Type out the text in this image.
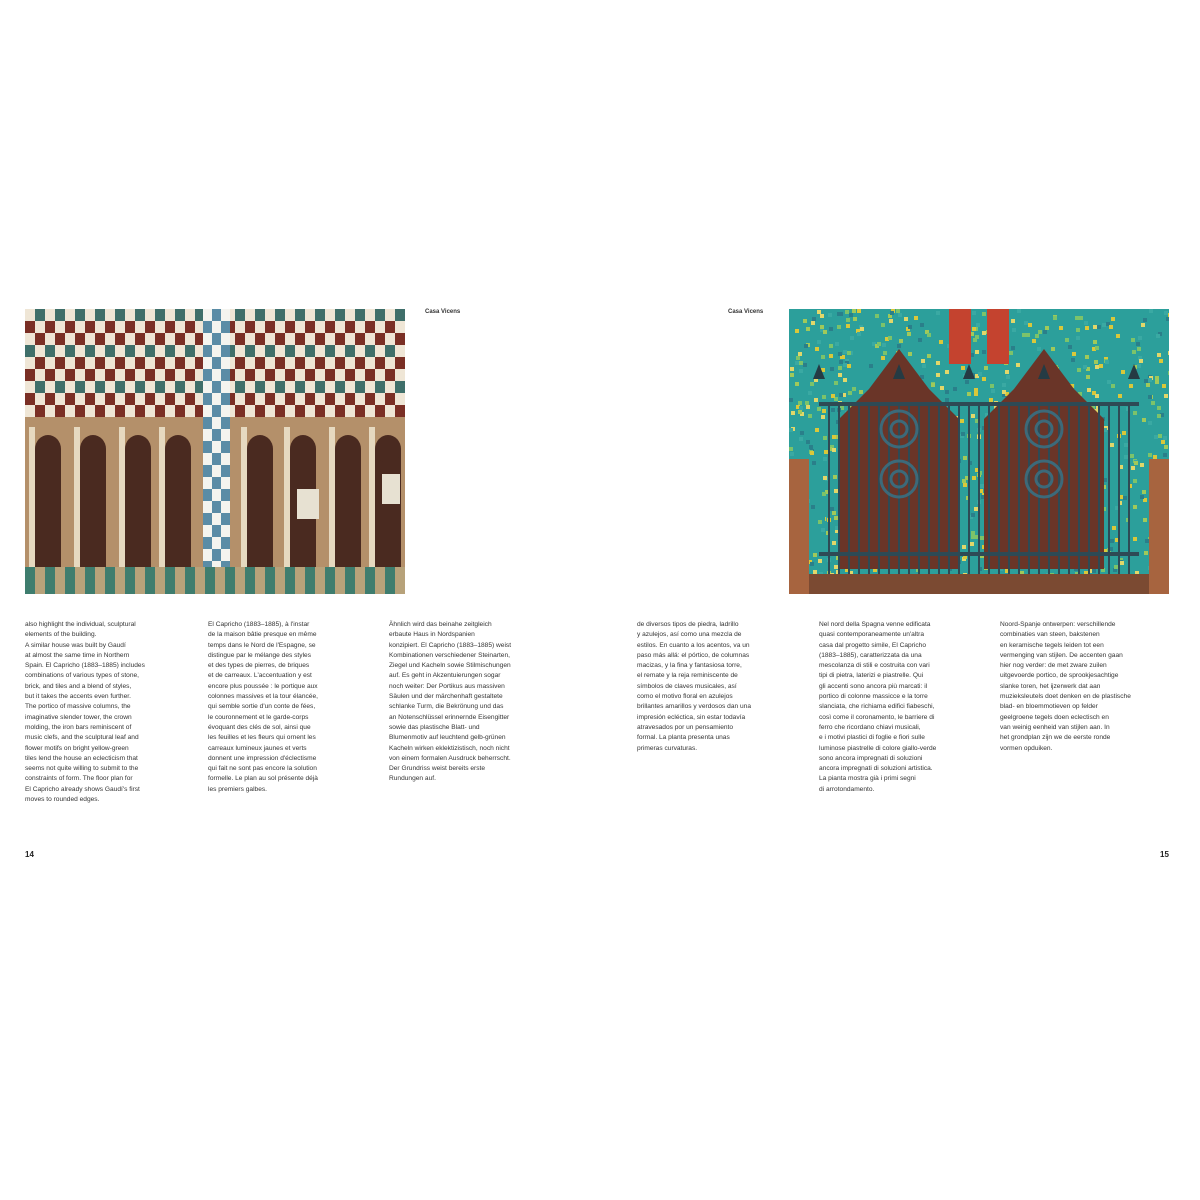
Casa Vicens

also highlight the individual, sculptural
elements of the building.
A similar house was built by Gaudí
at almost the same time in Northern
Spain. El Capricho (1883–1885) includes
combinations of various types of stone,
brick, and tiles and a blend of styles,
but it takes the accents even further.
The portico of massive columns, the
imaginative slender tower, the crown
molding, the iron bars reminiscent of
music clefs, and the sculptural leaf and
flower motifs on bright yellow-green
tiles lend the house an eclecticism that
seems not quite willing to submit to the
constraints of form. The floor plan for
El Capricho already shows Gaudí's first
moves to rounded edges.

El Capricho (1883–1885), à l'instar
de la maison bâtie presque en même
temps dans le Nord de l'Espagne, se
distingue par le mélange des styles
et des types de pierres, de briques
et de carreaux. L'accentuation y est
encore plus poussée : le portique aux
colonnes massives et la tour élancée,
qui semble sortie d'un conte de fées,
le couronnement et le garde-corps
évoquant des clés de sol, ainsi que
les feuilles et les fleurs qui ornent les
carreaux lumineux jaunes et verts
donnent une impression d'éclectisme
qui fait ne sont pas encore la solution
formelle. Le plan au sol présente déjà
les premiers galbes.

Ähnlich wird das beinahe zeitgleich
erbaute Haus in Nordspanien
konzipiert. El Capricho (1883–1885) weist
Kombinationen verschiedener Steinarten,
Ziegel und Kacheln sowie Stilmischungen
auf. Es geht in Akzentuierungen sogar
noch weiter: Der Portikus aus massiven
Säulen und der märchenhaft gestaltete
schlanke Turm, die Bekrönung und das
an Notenschlüssel erinnernde Eisengitter
sowie das plastische Blatt- und
Blumenmotiv auf leuchtend gelb-grünen
Kacheln wirken eklektizistisch, noch nicht
von einem formalen Ausdruck beherrscht.
Der Grundriss weist bereits erste
Rundungen auf.

14
Casa Vicens

de diversos tipos de piedra, ladrillo
y azulejos, así como una mezcla de
estilos. En cuanto a los acentos, va un
paso más allá: el pórtico, de columnas
macizas, y la fina y fantasiosa torre,
el remate y la reja reminiscente de
símbolos de claves musicales, así
como el motivo floral en azulejos
brillantes amarillos y verdosos dan una
impresión ecléctica, sin estar todavía
atravesados por un pensamiento
formal. La planta presenta unas
primeras curvaturas.

Nel nord della Spagna venne edificata
quasi contemporaneamente un'altra
casa dal progetto simile, El Capricho
(1883–1885), caratterizzata da una
mescolanza di stili e costruita con vari
tipi di pietra, laterizi e piastrelle. Qui
gli accenti sono ancora più marcati: il
portico di colonne massicce e la torre
slanciata, che richiama edifici fiabeschi,
così come il coronamento, le barriere di
ferro che ricordano chiavi musicali,
e i motivi plastici di foglie e fiori sulle
luminose piastrelle di colore giallo-verde
sono ancora impregnati di soluzioni
ancora impregnati di soluzioni artistica.
La pianta mostra già i primi segni
di arrotondamento.

Noord-Spanje ontwerpen: verschillende
combinaties van steen, bakstenen
en keramische tegels leiden tot een
vermenging van stijlen. De accenten gaan
hier nog verder: de met zware zuilen
uitgevoerde portico, de sprookjesachtige
slanke toren, het ijzerwerk dat aan
muzieksleutels doet denken en de plastische
blad- en bloemmotieven op felder
geelgroene tegels doen eclectisch en
van weinig eenheid van stijlen aan. In
het grondplan zijn we de eerste ronde
vormen opduiken.

15
